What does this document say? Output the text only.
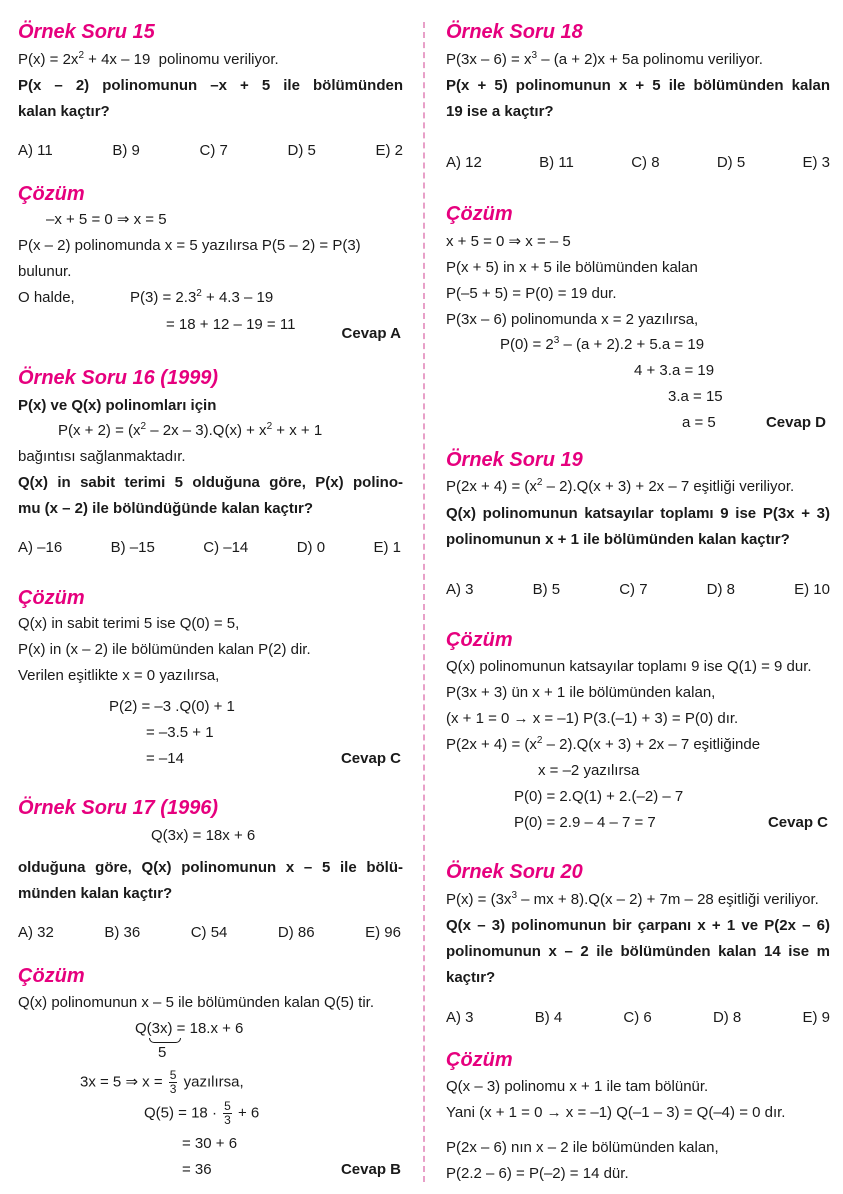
Örnek Soru 15
$P(x) = 2x^2 + 4x - 19$  polinomu veriliyor.
P(x – 2) polinomunun –x + 5 ile bölümünden
kalan kaçtır?
A) 11	B) 9	C) 7	D) 5	E) 2
Çözüm
–x + 5 = 0 ⇒ x = 5
P(x – 2) polinomunda x = 5 yazılırsa P(5 – 2) = P(3)
bulunur.
O halde,	$P(3) = 2.3^2 + 4.3 - 19$
= 18 + 12 – 19 = 11
Cevap A
Örnek Soru 16 (1999)
P(x) ve Q(x) polinomları için
$P(x + 2) = (x^2 - 2x - 3).Q(x) + x^2 + x + 1$
bağıntısı sağlanmaktadır.
Q(x) in sabit terimi 5 olduğuna göre, P(x) polino-
mu (x – 2) ile bölündüğünde kalan kaçtır?
A) –16	B) –15	C) –14	D) 0	E) 1
Çözüm
Q(x) in sabit terimi 5 ise Q(0) = 5,
P(x) in (x – 2) ile bölümünden kalan P(2) dir.
Verilen eşitlikte x = 0 yazılırsa,
P(2) = –3 .Q(0) + 1
= –3.5 + 1
= –14	Cevap C
Örnek Soru 17 (1996)
Q(3x) = 18x + 6
olduğuna göre, Q(x) polinomunun x – 5 ile bölü-
münden kalan kaçtır?
A) 32	B) 36	C) 54	D) 86	E) 96
Çözüm
Q(x) polinomunun x – 5 ile bölümünden kalan Q(5) tir.
Q(3x) = 18.x + 6
5
3x = 5 ⇒ $x = \frac{5}{3}$ yazılırsa,
$Q(5) = 18 \cdot \frac{5}{3} + 6$
= 30 + 6
= 36	Cevap B
Örnek Soru 18
$P(3x - 6) = x^3 - (a + 2)x + 5a$ polinomu veriliyor.
P(x + 5) polinomunun x + 5 ile bölümünden kalan
19 ise a kaçtır?
A) 12	B) 11	C) 8	D) 5	E) 3
Çözüm
x + 5 = 0 ⇒ x = – 5
P(x + 5) in x + 5 ile bölümünden kalan
P(–5 + 5) = P(0) = 19 dur.
P(3x – 6) polinomunda x = 2 yazılırsa,
$P(0) = 2^3 - (a + 2).2 + 5.a = 19$
4 + 3.a = 19
3.a = 15
a = 5	Cevap D
Örnek Soru 19
$P(2x + 4) = (x^2 - 2).Q(x + 3) + 2x - 7$ eşitliği veriliyor.
Q(x) polinomunun katsayılar toplamı 9 ise P(3x + 3)
polinomunun x + 1 ile bölümünden kalan kaçtır?
A) 3	B) 5	C) 7	D) 8	E) 10
Çözüm
Q(x) polinomunun katsayılar toplamı 9 ise Q(1) = 9 dur.
P(3x + 3) ün x + 1 ile bölümünden kalan,
(x + 1 = 0 → x = –1) P(3.(–1) + 3) = P(0) dır.
$P(2x + 4) = (x^2 - 2).Q(x + 3) + 2x - 7$ eşitliğinde
x = –2 yazılırsa
P(0) = 2.Q(1) + 2.(–2) – 7
P(0) = 2.9 – 4 – 7 = 7	Cevap C
Örnek Soru 20
$P(x) = (3x^3$ – mx + 8).Q(x – 2) + 7m – 28 eşitliği veriliyor.
Q(x – 3) polinomunun bir çarpanı x + 1 ve P(2x – 6)
polinomunun x – 2 ile bölümünden kalan 14 ise m
kaçtır?
A) 3	B) 4	C) 6	D) 8	E) 9
Çözüm
Q(x – 3) polinomu x + 1 ile tam bölünür.
Yani (x + 1 = 0 → x = –1) Q(–1 – 3) = Q(–4) = 0 dır.
P(2x – 6) nın x – 2 ile bölümünden kalan,
P(2.2 – 6) = P(–2) = 14 dür.
